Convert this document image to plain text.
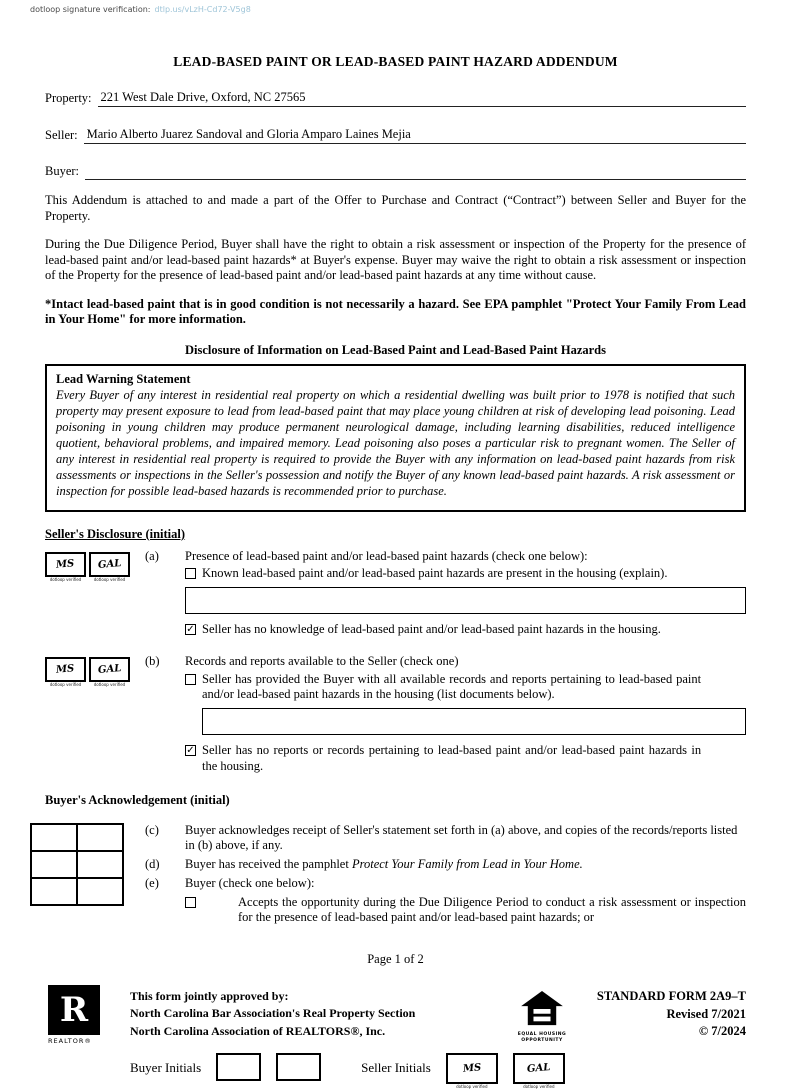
dotloop signature verification: dtlp.us/vLzH-Cd72-V5g8
LEAD-BASED PAINT OR LEAD-BASED PAINT HAZARD ADDENDUM
Property: 221 West Dale Drive, Oxford, NC 27565
Seller: Mario Alberto Juarez Sandoval and Gloria Amparo Laines Mejia
Buyer:

This Addendum is attached to and made a part of the Offer to Purchase and Contract (“Contract”) between Seller and Buyer for the Property.

During the Due Diligence Period, Buyer shall have the right to obtain a risk assessment or inspection of the Property for the presence of lead-based paint and/or lead-based paint hazards* at Buyer's expense. Buyer may waive the right to obtain a risk assessment or inspection of the Property for the presence of lead-based paint and/or lead-based paint hazards at any time without cause.

*Intact lead-based paint that is in good condition is not necessarily a hazard. See EPA pamphlet "Protect Your Family From Lead in Your Home" for more information.

Disclosure of Information on Lead-Based Paint and Lead-Based Paint Hazards
Lead Warning Statement
Every Buyer of any interest in residential real property on which a residential dwelling was built prior to 1978 is notified that such property may present exposure to lead from lead-based paint that may place young children at risk of developing lead poisoning. Lead poisoning in young children may produce permanent neurological damage, including learning disabilities, reduced intelligence quotient, behavioral problems, and impaired memory. Lead poisoning also poses a particular risk to pregnant women. The Seller of any interest in residential real property is required to provide the Buyer with any information on lead-based paint hazards from risk assessments or inspections in the Seller's possession and notify the Buyer of any known lead-based paint hazards. A risk assessment or inspection for possible lead-based hazards is recommended prior to purchase.
Seller's Disclosure (initial)
MS
dotloop verified
GAL
dotloop verified
(a)	Presence of lead-based paint and/or lead-based paint hazards (check one below):
Known lead-based paint and/or lead-based paint hazards are present in the housing (explain).
✓ Seller has no knowledge of lead-based paint and/or lead-based paint hazards in the housing.
MS
dotloop verified
GAL
dotloop verified
(b)	Records and reports available to the Seller (check one)
Seller has provided the Buyer with all available records and reports pertaining to lead-based paint and/or lead-based paint hazards in the housing (list documents below).
✓ Seller has no reports or records pertaining to lead-based paint and/or lead-based paint hazards in the housing.
Buyer's Acknowledgement (initial)

(c)	Buyer acknowledges receipt of Seller's statement set forth in (a) above, and copies of the records/reports listed in (b) above, if any.
(d)	Buyer has received the pamphlet Protect Your Family from Lead in Your Home.
(e)	Buyer (check one below):
Accepts the opportunity during the Due Diligence Period to conduct a risk assessment or inspection for the presence of lead-based paint and/or lead-based paint hazards; or
Page 1 of 2
R
REALTOR®
This form jointly approved by:
North Carolina Bar Association's Real Property Section
North Carolina Association of REALTORS®, Inc.	EQUAL HOUSING
OPPORTUNITY
STANDARD FORM 2A9–T
Revised 7/2021
© 7/2024
Buyer Initials	Seller Initials	MS
dotloop verified
GAL
dotloop verified
